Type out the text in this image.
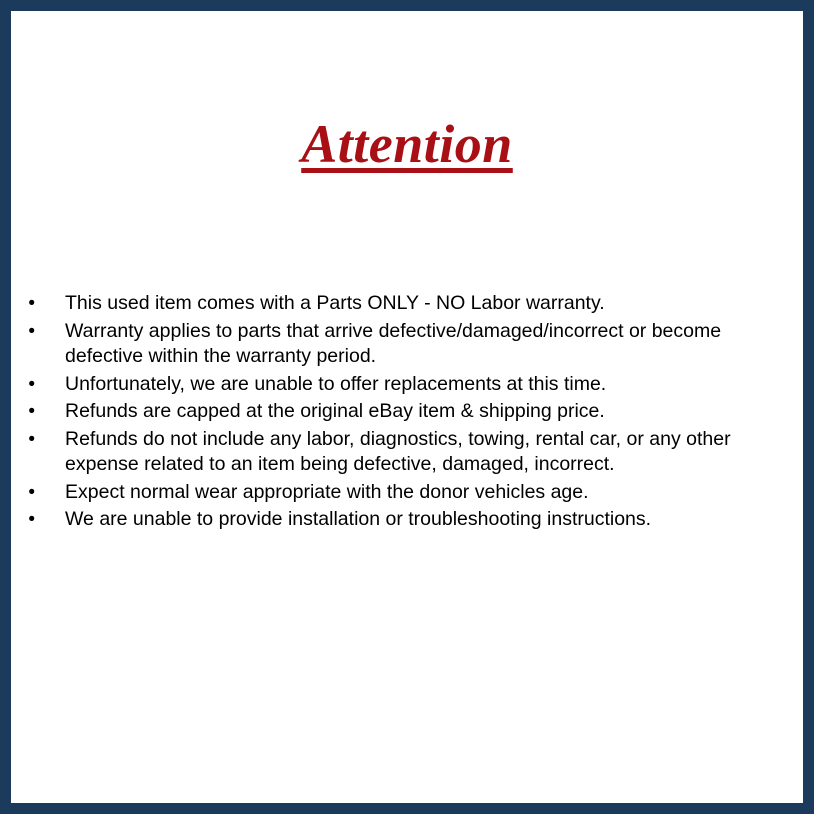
Attention
•	This used item comes with a Parts ONLY - NO Labor warranty.
•	Warranty applies to parts that arrive defective/damaged/incorrect or become defective within the warranty period.
•	Unfortunately, we are unable to offer replacements at this time.
•	Refunds are capped at the original eBay item & shipping price.
•	Refunds do not include any labor, diagnostics, towing, rental car, or any other expense related to an item being defective, damaged, incorrect.
•	Expect normal wear appropriate with the donor vehicles age.
•	We are unable to provide installation or troubleshooting instructions.
